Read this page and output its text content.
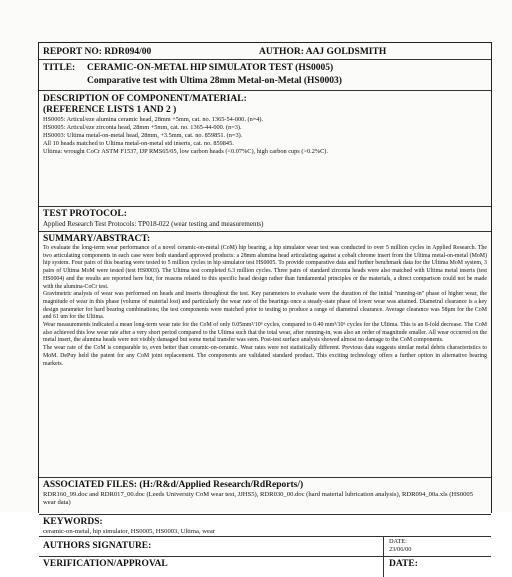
REPORT NO: RDR094/00	AUTHOR: AAJ GOLDSMITH
TITLE: CERAMIC-ON-METAL HIP SIMULATOR TEST (HS0005)
Comparative test with Ultima 28mm Metal-on-Metal (HS0003)
DESCRIPTION OF COMPONENT/MATERIAL:
(REFERENCE LISTS 1 AND 2 )
HS0005: Articul/eze alumina ceramic head, 28mm +5mm, cat. no. 1365-54-000. (n=4).
HS0005: Articul/eze zirconia head, 28mm +5mm, cat. no. 1365-44-000. (n=3).
HS0003: Ultima metal-on-metal head, 28mm, +3.5mm, cat. no. 859851. (n=3).
All 10 heads matched to Ultima metal-on-metal std inserts, cat. no. 859845.
Ultima: wrought CoCr ASTM F1537, IJP RMS65/05, low carbon heads (<0.07%C), high carbon cups (>0.2%C).
TEST PROTOCOL:
Applied Research Test Protocols: TP018-022 (wear testing and measurements)
SUMMARY/ABSTRACT:

To evaluate the long-term wear performance of a novel ceramic-on-metal (CoM) hip bearing, a hip simulator wear test was conducted to over 5 million cycles in Applied Research. The two articulating components in each case were both standard approved products: a 28mm alumina head articulating against a cobalt chrome insert from the Ultima metal-on-metal (MoM) hip system. Four pairs of this bearing were tested to 5 million cycles in hip simulator test HS0005. To provide comparative data and further benchmark data for the Ultima MoM system, 3 pairs of Ultima MoM were tested (test HS0003). The Ultima test completed 6.3 million cycles. Three pairs of standard zirconia heads were also matched with Ultima metal inserts (test HS0004) and the results are reported here but, for reasons related to this specific head design rather than fundamental principles or the materials, a direct comparison could not be made with the alumina-CoCr test.

Gravimetric analysis of wear was performed on heads and inserts throughout the test. Key parameters to evaluate were the duration of the initial "running-in" phase of higher wear, the magnitude of wear in this phase (volume of material lost) and particularly the wear rate of the bearings once a steady-state phase of lower wear was attained. Diametral clearance is a key design parameter for hard bearing combinations; the test components were matched prior to testing to produce a range of diametral clearance. Average clearance was 58µm for the CoM and 61 um for the Ultima.

Wear measurements indicated a mean long-term wear rate for the CoM of only 0.05mm³/10⁶ cycles, compared to 0.40 mm³/10⁶ cycles for the Ultima. This is an 8-fold decrease. The CoM also achieved this low wear rate after a very short period compared to the Ultima such that the total wear, after running-in, was also an order of magnitude smaller. All wear occurred on the metal insert, the alumina heads were not visibly damaged but some metal transfer was seen. Post-test surface analysis showed almost no damage to the CoM components.

The wear rate of the CoM is comparable to, even better than ceramic-on-ceramic. Wear rates were not statistically different. Previous data suggests similar metal debris characteristics to MoM. DePuy held the patent for any CoM joint replacement. The components are validated standard product. This exciting technology offers a further option in alternative bearing markets.

ASSOCIATED FILES: (H:/R&d/Applied Research/RdReports/)
RDR160_99.doc and RDR017_00.doc (Leeds University CoM wear test, JJHS5), RDR030_00.doc (hard material lubrication analysis), RDR094_00a.xls (HS0005 wear data)
KEYWORDS:
ceramic-on-metal, hip simulator, HS0005, HS0003, Ultima, wear
AUTHORS SIGNATURE:	DATE:
23/06/00
VERIFICATION/APPROVAL	DATE:
